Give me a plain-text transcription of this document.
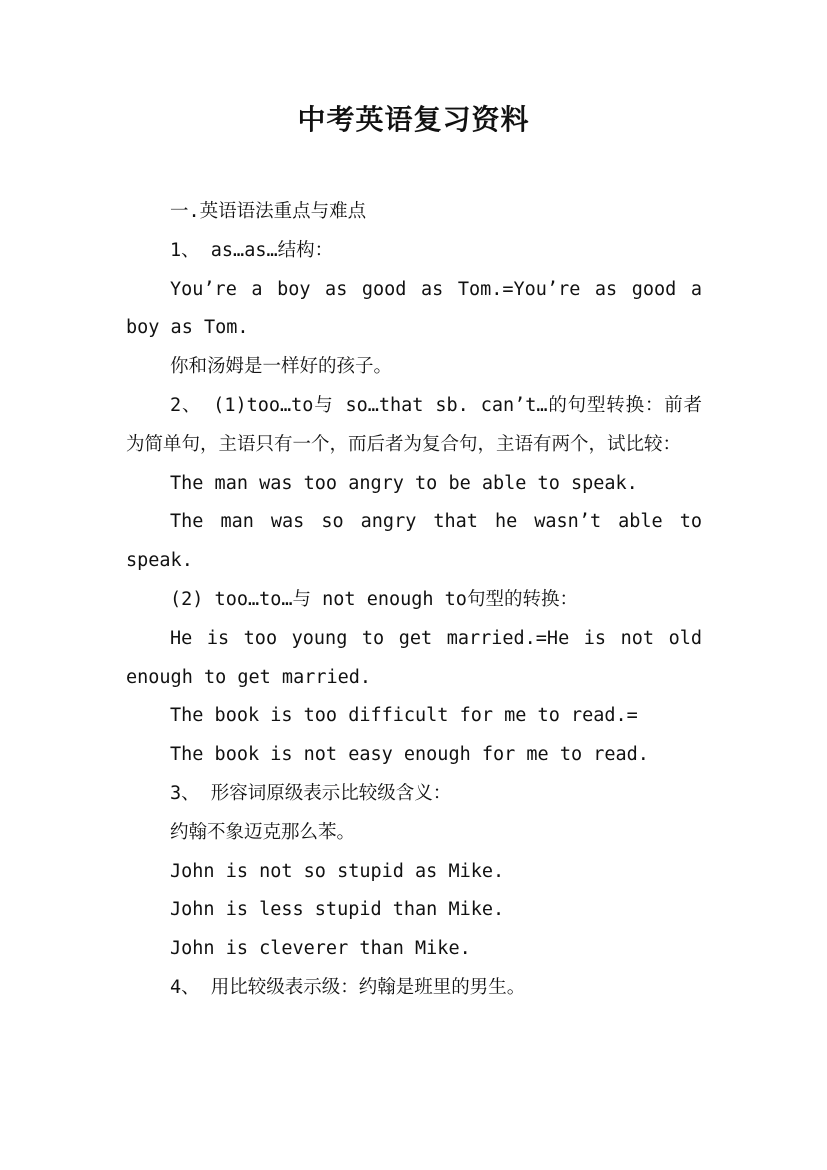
中考英语复习资料

一.英语语法重点与难点

1、 as…as…结构：

You’re a boy as good as Tom.=You’re as good a boy as Tom.

你和汤姆是一样好的孩子。

2、 (1)too…to与 so…that sb. can’t…的句型转换：前者为简单句，主语只有一个，而后者为复合句，主语有两个，试比较：

The man was too angry to be able to speak.

The man was so angry that he wasn’t able to speak.

(2) too…to…与 not enough to句型的转换：

He is too young to get married.=He is not old enough to get married.

The book is too difficult for me to read.=

The book is not easy enough for me to read.

3、 形容词原级表示比较级含义：

约翰不象迈克那么苯。

John is not so stupid as Mike.

John is less stupid than Mike.

John is cleverer than Mike.

4、 用比较级表示级：约翰是班里的男生。
